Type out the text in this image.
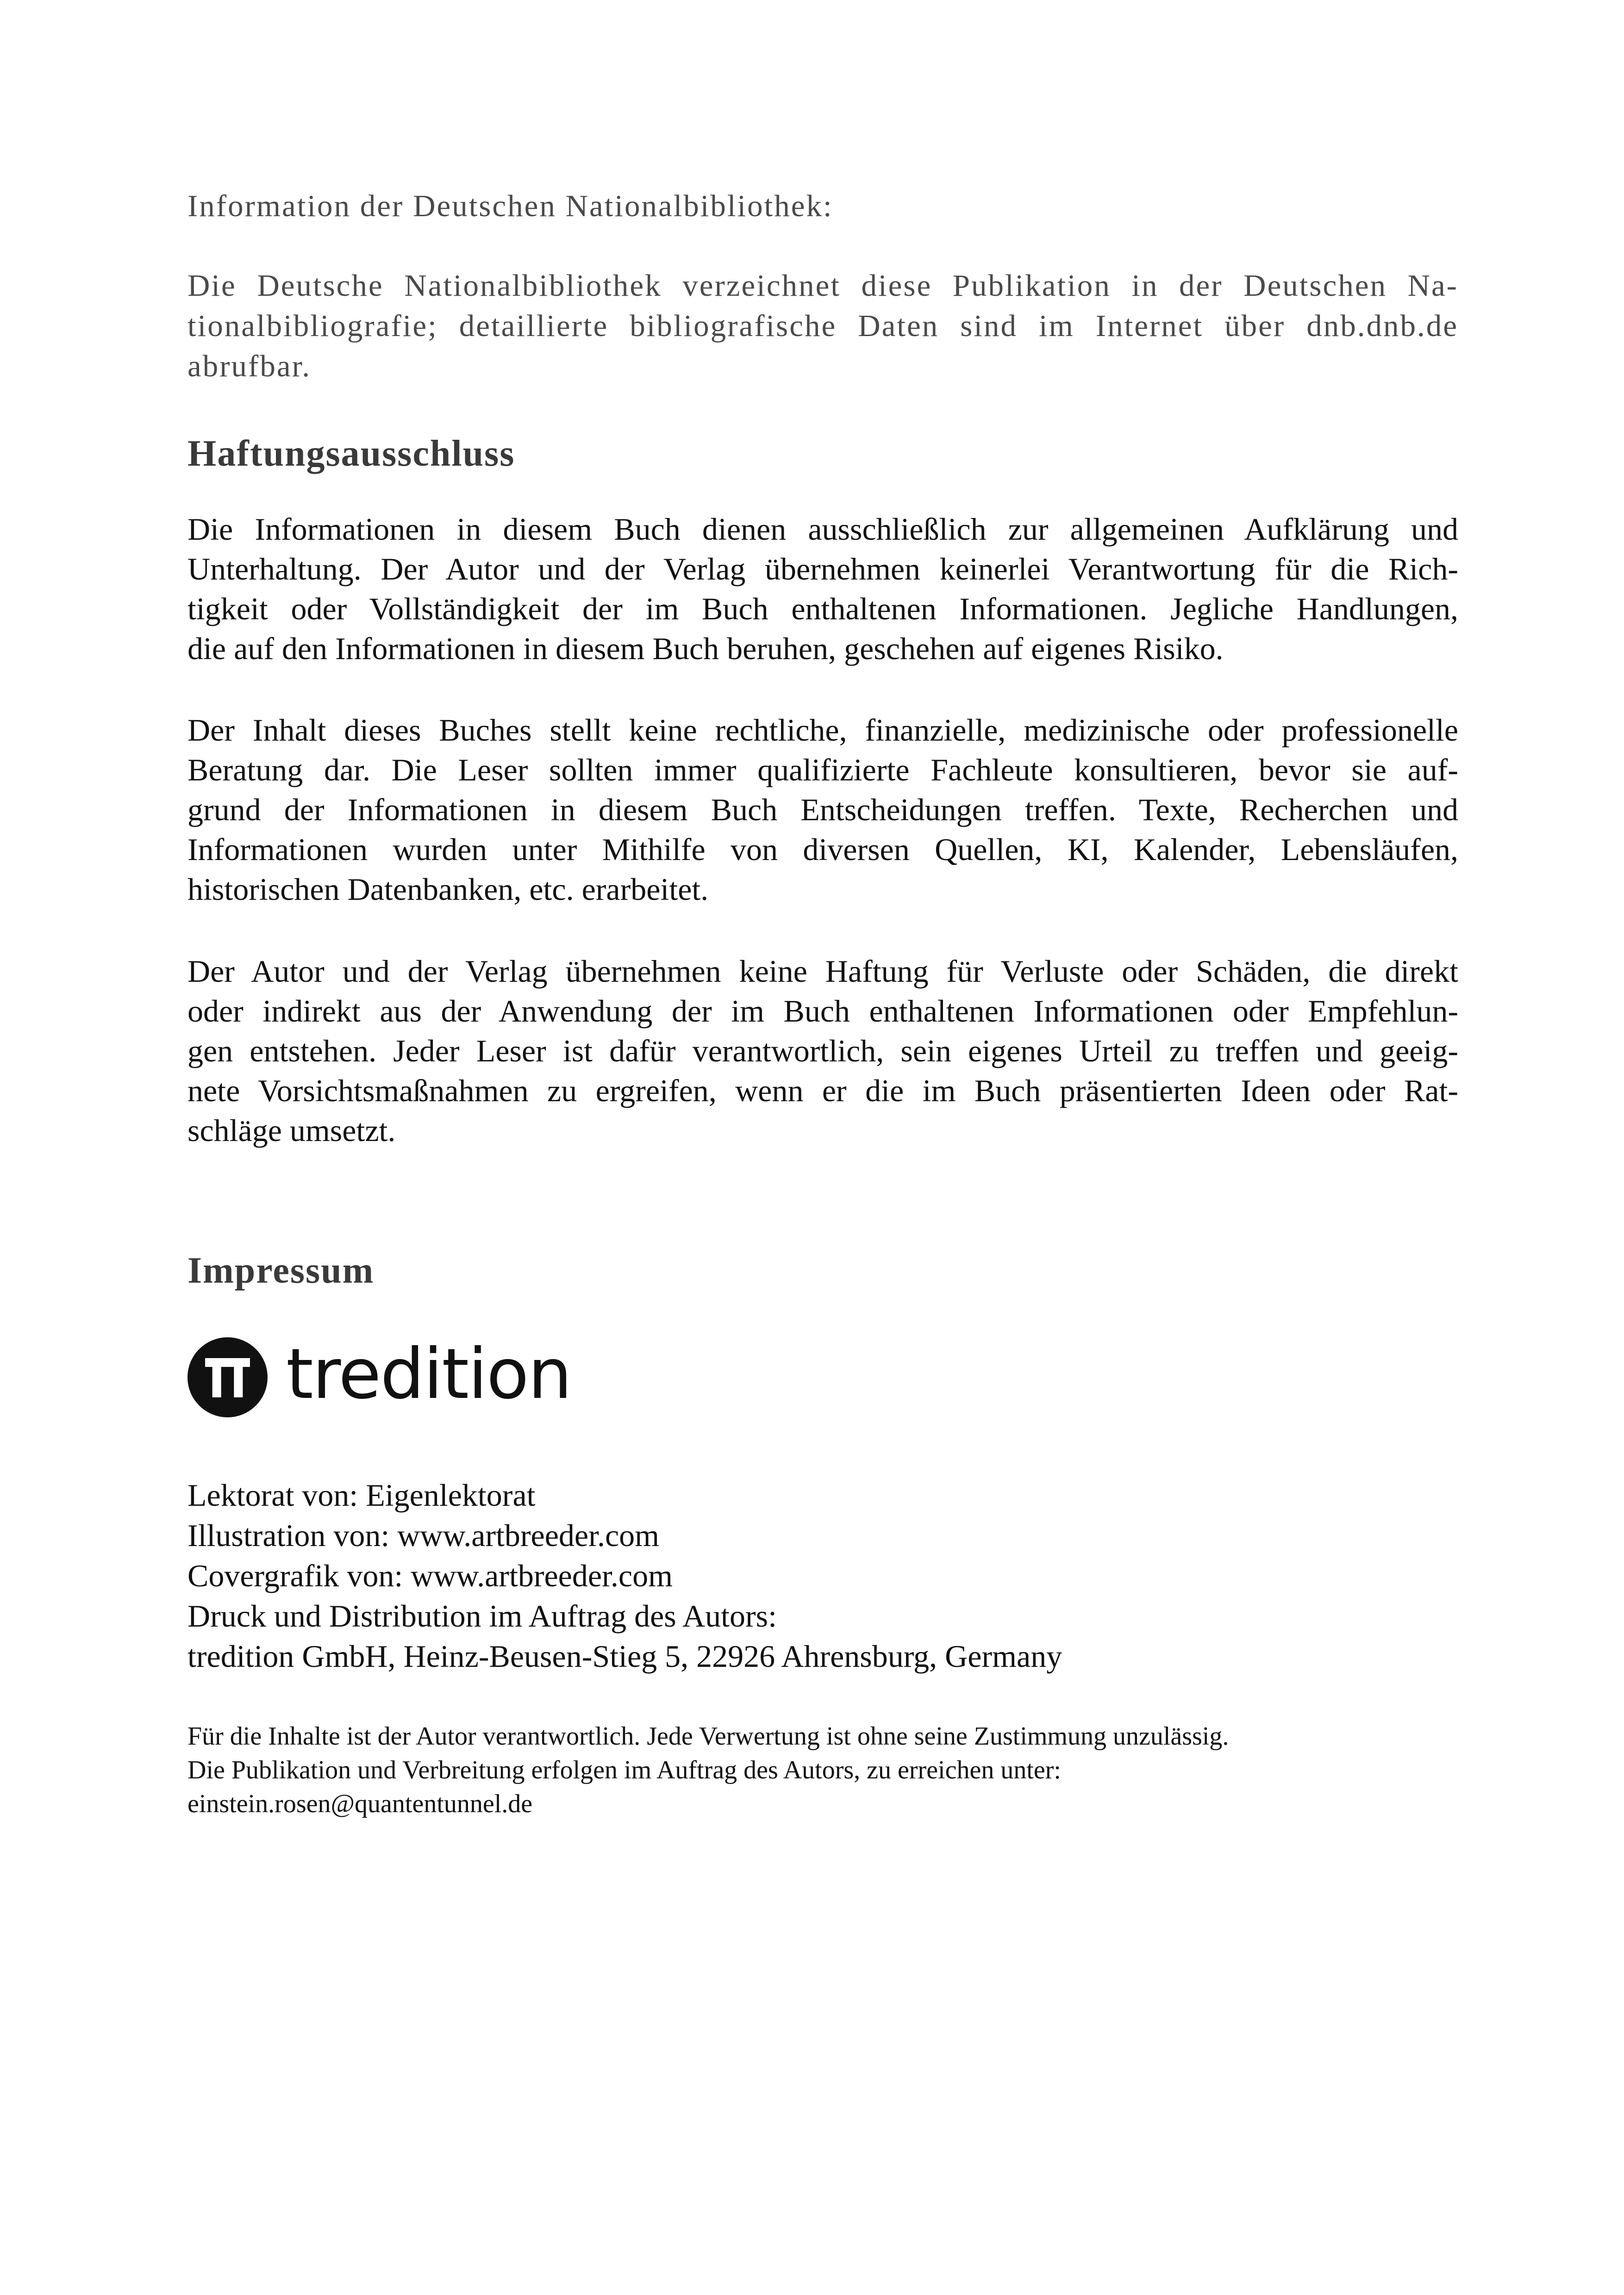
Information der Deutschen Nationalbibliothek:

Die Deutsche Nationalbibliothek verzeichnet diese Publikation in der Deutschen Na-
tionalbibliografie; detaillierte bibliografische Daten sind im Internet über dnb.dnb.de
abrufbar.

Haftungsausschluss

Die Informationen in diesem Buch dienen ausschließlich zur allgemeinen Aufklärung und
Unterhaltung. Der Autor und der Verlag übernehmen keinerlei Verantwortung für die Rich-
tigkeit oder Vollständigkeit der im Buch enthaltenen Informationen. Jegliche Handlungen,
die auf den Informationen in diesem Buch beruhen, geschehen auf eigenes Risiko.

Der Inhalt dieses Buches stellt keine rechtliche, finanzielle, medizinische oder professionelle
Beratung dar. Die Leser sollten immer qualifizierte Fachleute konsultieren, bevor sie auf-
grund der Informationen in diesem Buch Entscheidungen treffen. Texte, Recherchen und
Informationen wurden unter Mithilfe von diversen Quellen, KI, Kalender, Lebensläufen,
historischen Datenbanken, etc. erarbeitet.

Der Autor und der Verlag übernehmen keine Haftung für Verluste oder Schäden, die direkt
oder indirekt aus der Anwendung der im Buch enthaltenen Informationen oder Empfehlun-
gen entstehen. Jeder Leser ist dafür verantwortlich, sein eigenes Urteil zu treffen und geeig-
nete Vorsichtsmaßnahmen zu ergreifen, wenn er die im Buch präsentierten Ideen oder Rat-
schläge umsetzt.

Impressum
tredition

Lektorat von: Eigenlektorat
Illustration von: www.artbreeder.com
Covergrafik von: www.artbreeder.com
Druck und Distribution im Auftrag des Autors:
tredition GmbH, Heinz-Beusen-Stieg 5, 22926 Ahrensburg, Germany

Für die Inhalte ist der Autor verantwortlich. Jede Verwertung ist ohne seine Zustimmung unzulässig.
Die Publikation und Verbreitung erfolgen im Auftrag des Autors, zu erreichen unter:
einstein.rosen@quantentunnel.de
